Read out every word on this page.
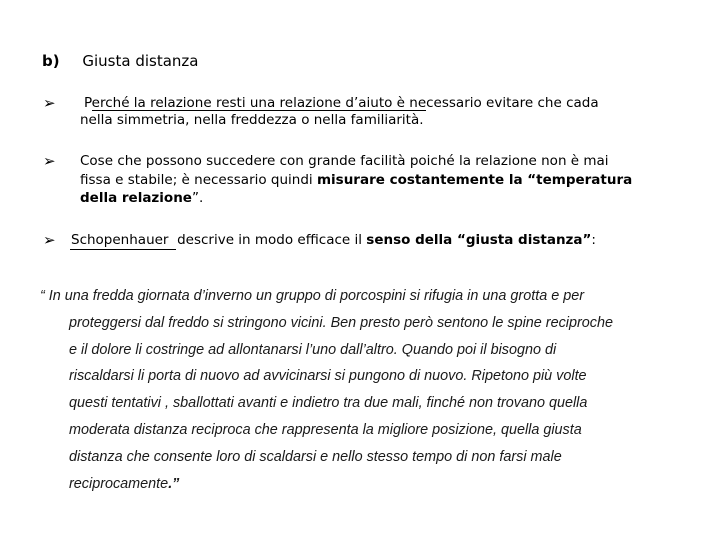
b) Giusta distanza
➢ Perché la relazione resti una relazione d’aiuto è necessario evitare che cada
nella simmetria, nella freddezza o nella familiarità.
➢ Cose che possono succedere con grande facilità poiché la relazione non è mai
fissa e stabile; è necessario quindi misurare costantemente la “temperatura
della relazione”.
➢ Schopenhauer  descrive in modo efficace il senso della “giusta distanza”:
“ In una fredda giornata d’inverno un gruppo di porcospini si rifugia in una grotta e per
proteggersi dal freddo si stringono vicini. Ben presto però sentono le spine reciproche
e il dolore li costringe ad allontanarsi l’uno dall’altro. Quando poi il bisogno di
riscaldarsi li porta di nuovo ad avvicinarsi si pungono di nuovo. Ripetono più volte
questi tentativi , sballottati avanti e indietro tra due mali, finché non trovano quella
moderata distanza reciproca che rappresenta la migliore posizione, quella giusta
distanza che consente loro di scaldarsi e nello stesso tempo di non farsi male
reciprocamente.”
